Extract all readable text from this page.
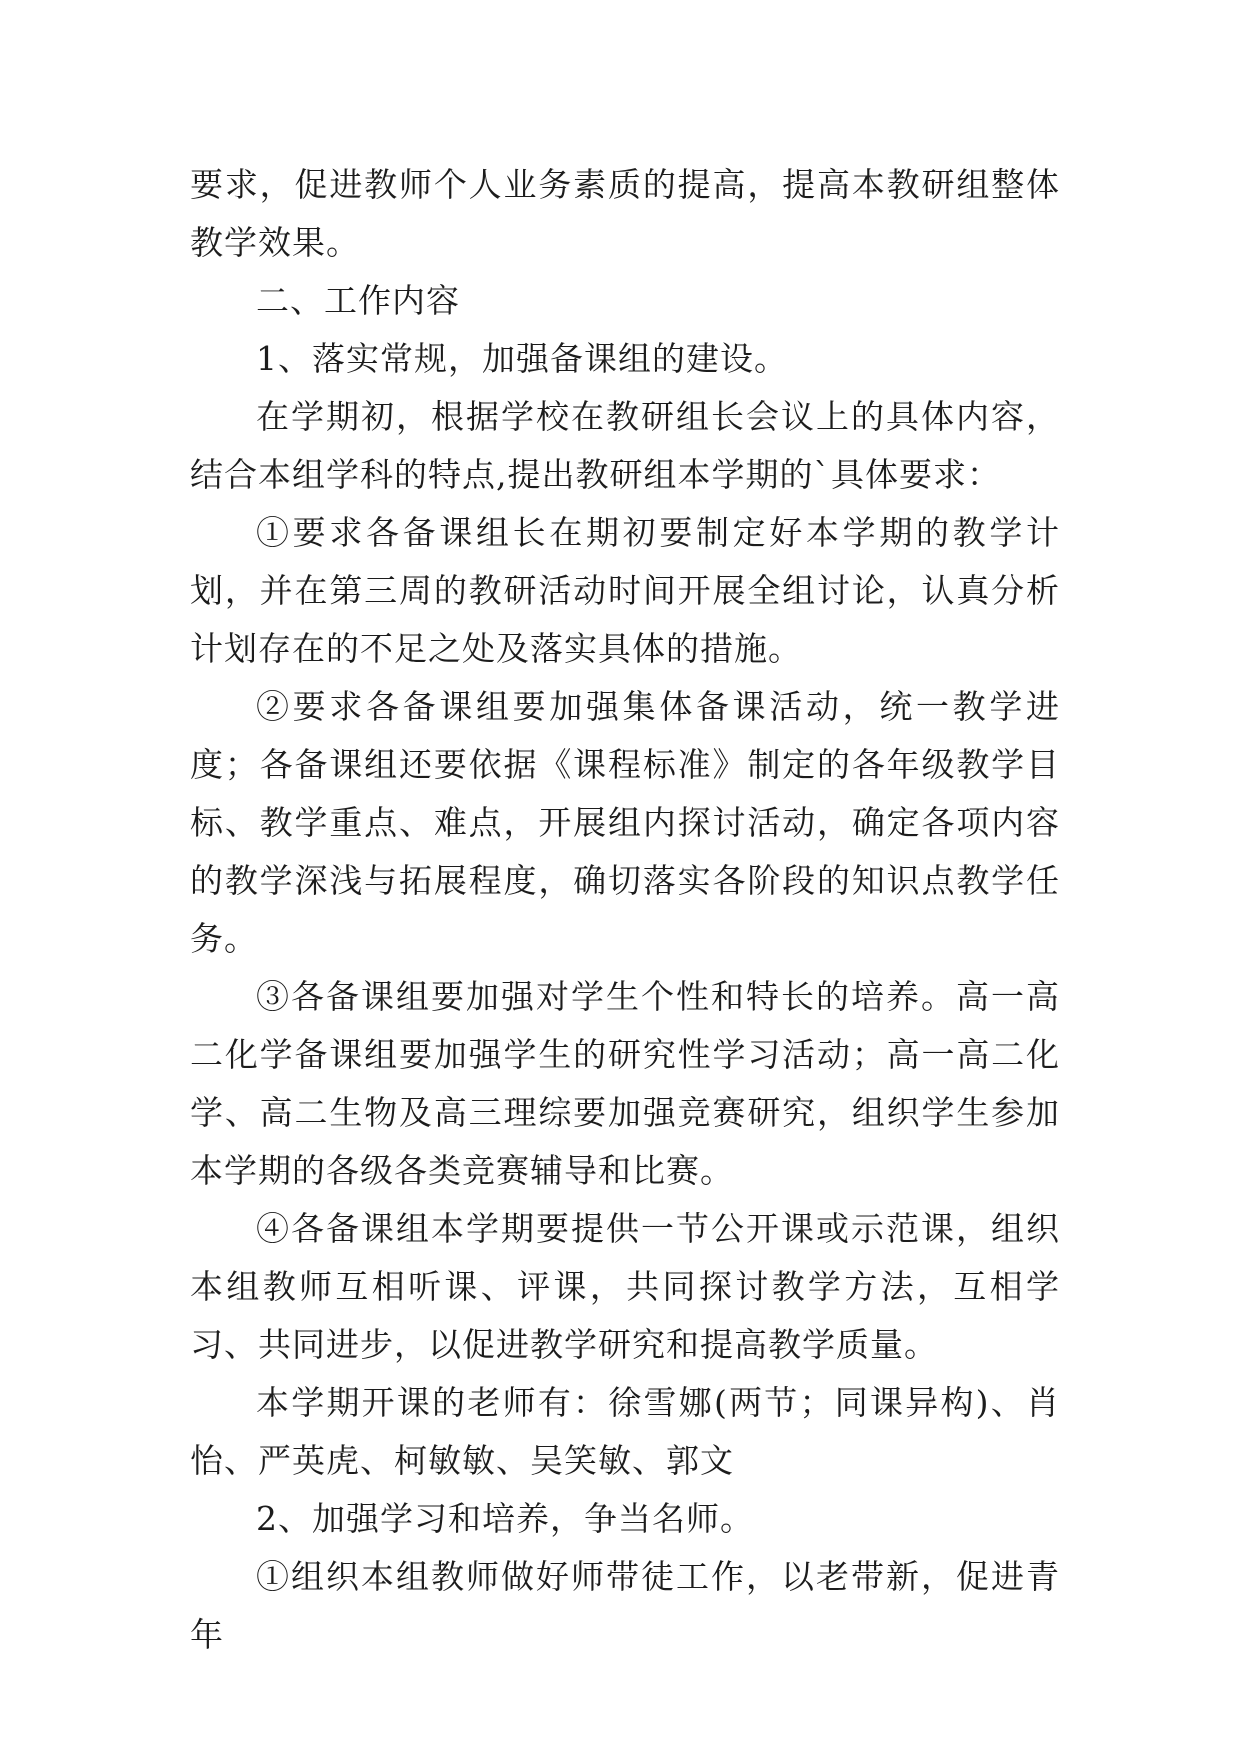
要求，促进教师个人业务素质的提高，提高本教研组整体教学效果。

二、工作内容

1、落实常规，加强备课组的建设。

在学期初，根据学校在教研组长会议上的具体内容，结合本组学科的特点,提出教研组本学期的`具体要求：

①要求各备课组长在期初要制定好本学期的教学计划，并在第三周的教研活动时间开展全组讨论，认真分析计划存在的不足之处及落实具体的措施。

②要求各备课组要加强集体备课活动，统一教学进度；各备课组还要依据《课程标准》制定的各年级教学目标、教学重点、难点，开展组内探讨活动，确定各项内容的教学深浅与拓展程度，确切落实各阶段的知识点教学任务。

③各备课组要加强对学生个性和特长的培养。高一高二化学备课组要加强学生的研究性学习活动；高一高二化学、高二生物及高三理综要加强竞赛研究，组织学生参加本学期的各级各类竞赛辅导和比赛。

④各备课组本学期要提供一节公开课或示范课，组织本组教师互相听课、评课，共同探讨教学方法，互相学习、共同进步，以促进教学研究和提高教学质量。

本学期开课的老师有：徐雪娜(两节；同课异构)、肖怡、严英虎、柯敏敏、吴笑敏、郭文

2、加强学习和培养，争当名师。

①组织本组教师做好师带徒工作，以老带新，促进青年
